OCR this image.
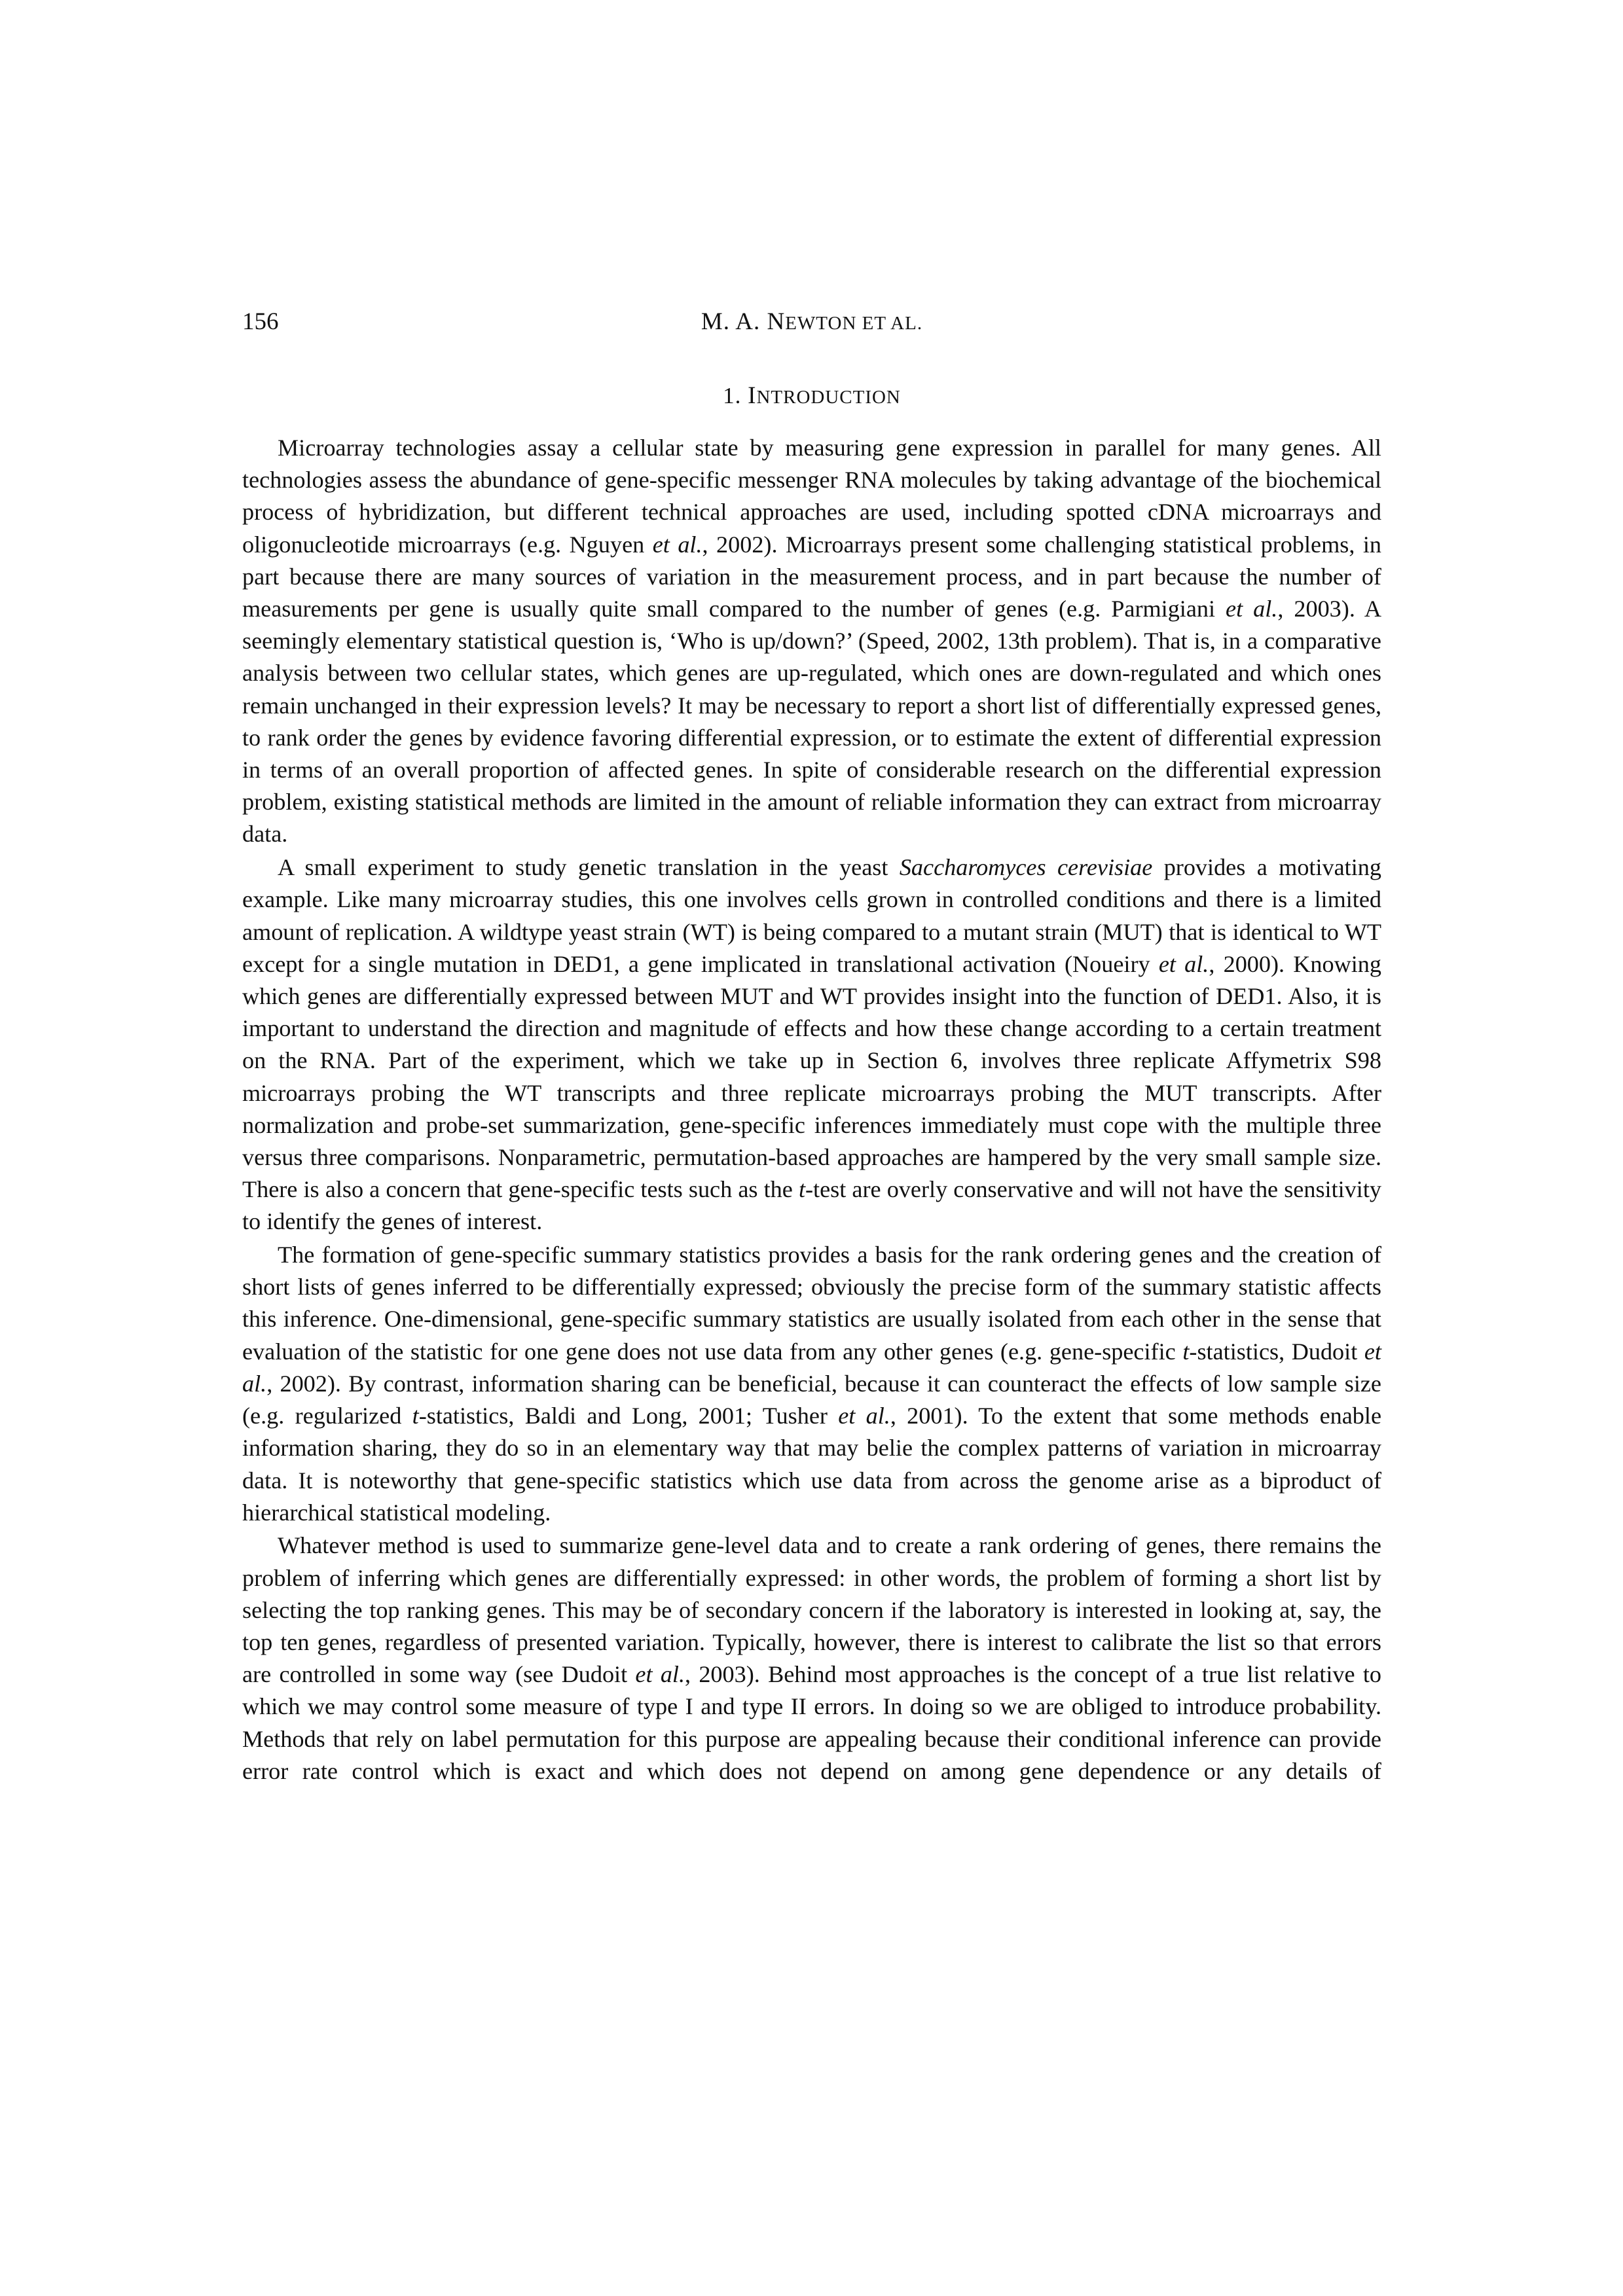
156	M. A. NEWTON ET AL.
1. INTRODUCTION

Microarray technologies assay a cellular state by measuring gene expression in parallel for many genes. All technologies assess the abundance of gene-specific messenger RNA molecules by taking advantage of the biochemical process of hybridization, but different technical approaches are used, including spotted cDNA microarrays and oligonucleotide microarrays (e.g. Nguyen et al., 2002). Microarrays present some challenging statistical problems, in part because there are many sources of variation in the measurement process, and in part because the number of measurements per gene is usually quite small compared to the number of genes (e.g. Parmigiani et al., 2003). A seemingly elementary statistical question is, ‘Who is up/down?’ (Speed, 2002, 13th problem). That is, in a comparative analysis between two cellular states, which genes are up-regulated, which ones are down-regulated and which ones remain unchanged in their expression levels? It may be necessary to report a short list of differentially expressed genes, to rank order the genes by evidence favoring differential expression, or to estimate the extent of differential expression in terms of an overall proportion of affected genes. In spite of considerable research on the differential expression problem, existing statistical methods are limited in the amount of reliable information they can extract from microarray data.

A small experiment to study genetic translation in the yeast Saccharomyces cerevisiae provides a motivating example. Like many microarray studies, this one involves cells grown in controlled conditions and there is a limited amount of replication. A wildtype yeast strain (WT) is being compared to a mutant strain (MUT) that is identical to WT except for a single mutation in DED1, a gene implicated in translational activation (Noueiry et al., 2000). Knowing which genes are differentially expressed between MUT and WT provides insight into the function of DED1. Also, it is important to understand the direction and magnitude of effects and how these change according to a certain treatment on the RNA. Part of the experiment, which we take up in Section 6, involves three replicate Affymetrix S98 microarrays probing the WT transcripts and three replicate microarrays probing the MUT transcripts. After normalization and probe-set summarization, gene-specific inferences immediately must cope with the multiple three versus three comparisons. Nonparametric, permutation-based approaches are hampered by the very small sample size. There is also a concern that gene-specific tests such as the t-test are overly conservative and will not have the sensitivity to identify the genes of interest.

The formation of gene-specific summary statistics provides a basis for the rank ordering genes and the creation of short lists of genes inferred to be differentially expressed; obviously the precise form of the summary statistic affects this inference. One-dimensional, gene-specific summary statistics are usually isolated from each other in the sense that evaluation of the statistic for one gene does not use data from any other genes (e.g. gene-specific t-statistics, Dudoit et al., 2002). By contrast, information sharing can be beneficial, because it can counteract the effects of low sample size (e.g. regularized t-statistics, Baldi and Long, 2001; Tusher et al., 2001). To the extent that some methods enable information sharing, they do so in an elementary way that may belie the complex patterns of variation in microarray data. It is noteworthy that gene-specific statistics which use data from across the genome arise as a biproduct of hierarchical statistical modeling.

Whatever method is used to summarize gene-level data and to create a rank ordering of genes, there remains the problem of inferring which genes are differentially expressed: in other words, the problem of forming a short list by selecting the top ranking genes. This may be of secondary concern if the laboratory is interested in looking at, say, the top ten genes, regardless of presented variation. Typically, however, there is interest to calibrate the list so that errors are controlled in some way (see Dudoit et al., 2003). Behind most approaches is the concept of a true list relative to which we may control some measure of type I and type II errors. In doing so we are obliged to introduce probability. Methods that rely on label permutation for this purpose are appealing because their conditional inference can provide error rate control which is exact and which does not depend on among gene dependence or any details of
